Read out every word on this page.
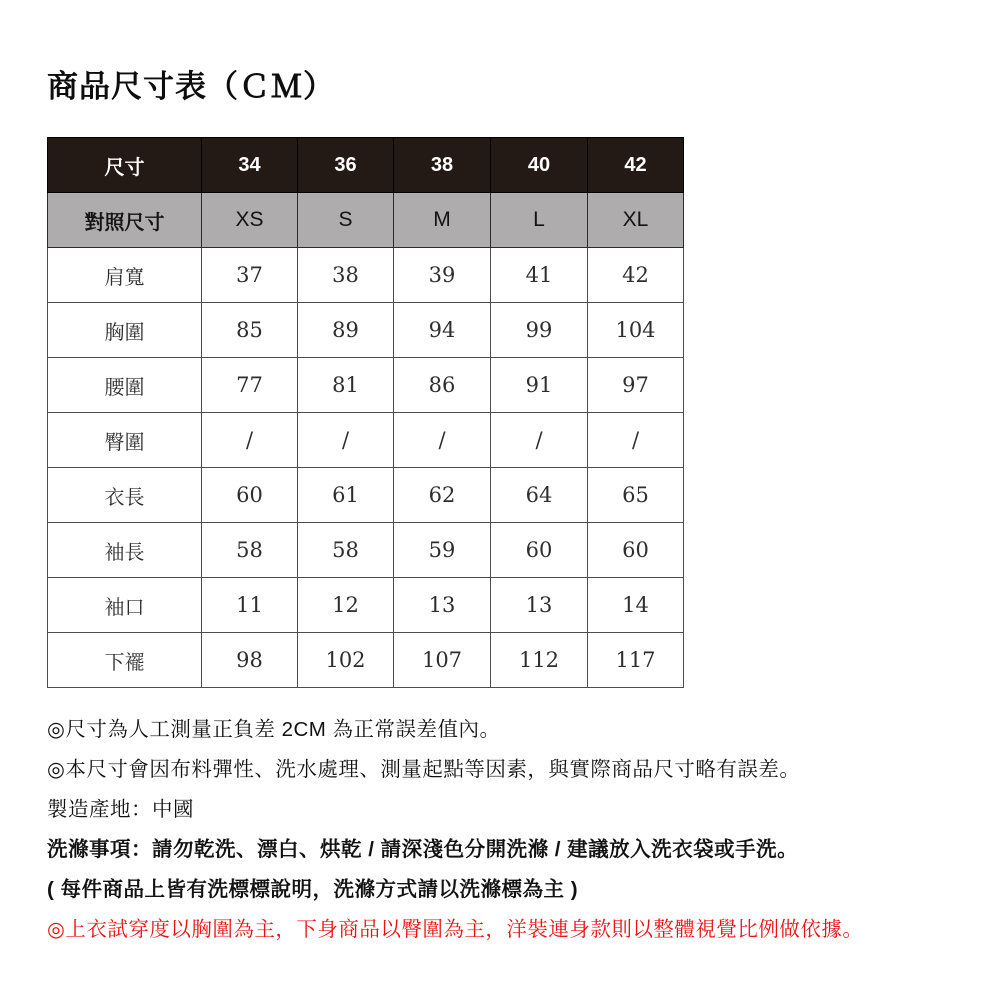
商品尺寸表（ＣＭ）
尺寸	34	36	38	40	42
對照尺寸	XS	S	M	L	XL
肩寬	37	38	39	41	42
胸圍	85	89	94	99	104
腰圍	77	81	86	91	97
臀圍	/	/	/	/	/
衣長	60	61	62	64	65
袖長	58	58	59	60	60
袖口	11	12	13	13	14
下襬	98	102	107	112	117

◎尺寸為人工測量正負差 2CM 為正常誤差值內。

◎本尺寸會因布料彈性、洗水處理、測量起點等因素，與實際商品尺寸略有誤差。

製造產地：中國

洗滌事項：請勿乾洗、漂白、烘乾 / 請深淺色分開洗滌 / 建議放入洗衣袋或手洗。

( 每件商品上皆有洗標標說明，洗滌方式請以洗滌標為主 )

◎上衣試穿度以胸圍為主，下身商品以臀圍為主，洋裝連身款則以整體視覺比例做依據。
